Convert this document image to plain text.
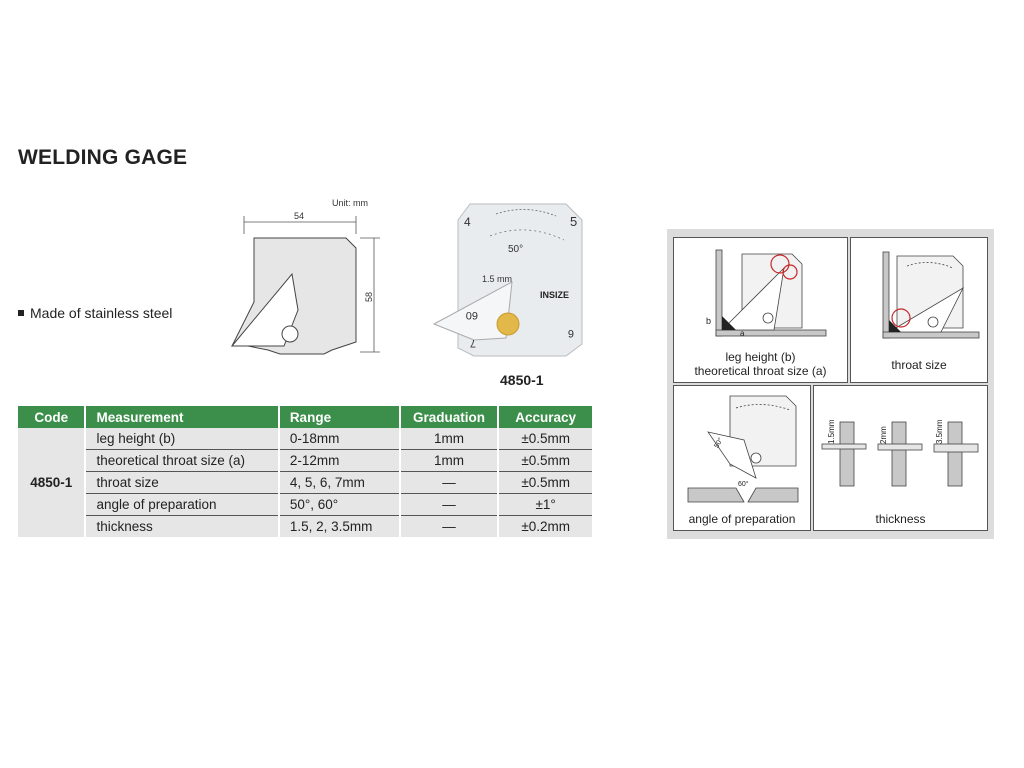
WELDING GAGE
Made of stainless steel
Unit: mm
54
58
4	5
50°
1.5 mm
INSIZE
60
6
7
4850-1
Code	Measurement	Range	Graduation	Accuracy
4850-1	leg height (b)	0-18mm	1mm	±0.5mm
	theoretical throat size (a)	2-12mm	1mm	±0.5mm
	throat size	4, 5, 6, 7mm	—	±0.5mm
	angle of preparation	50°, 60°	—	±1°
	thickness	1.5, 2, 3.5mm	—	±0.2mm
b
a
leg height (b)
theoretical throat size (a)	throat size
50°
60°
angle of preparation
1.5mm	2mm	3.5mm
thickness
